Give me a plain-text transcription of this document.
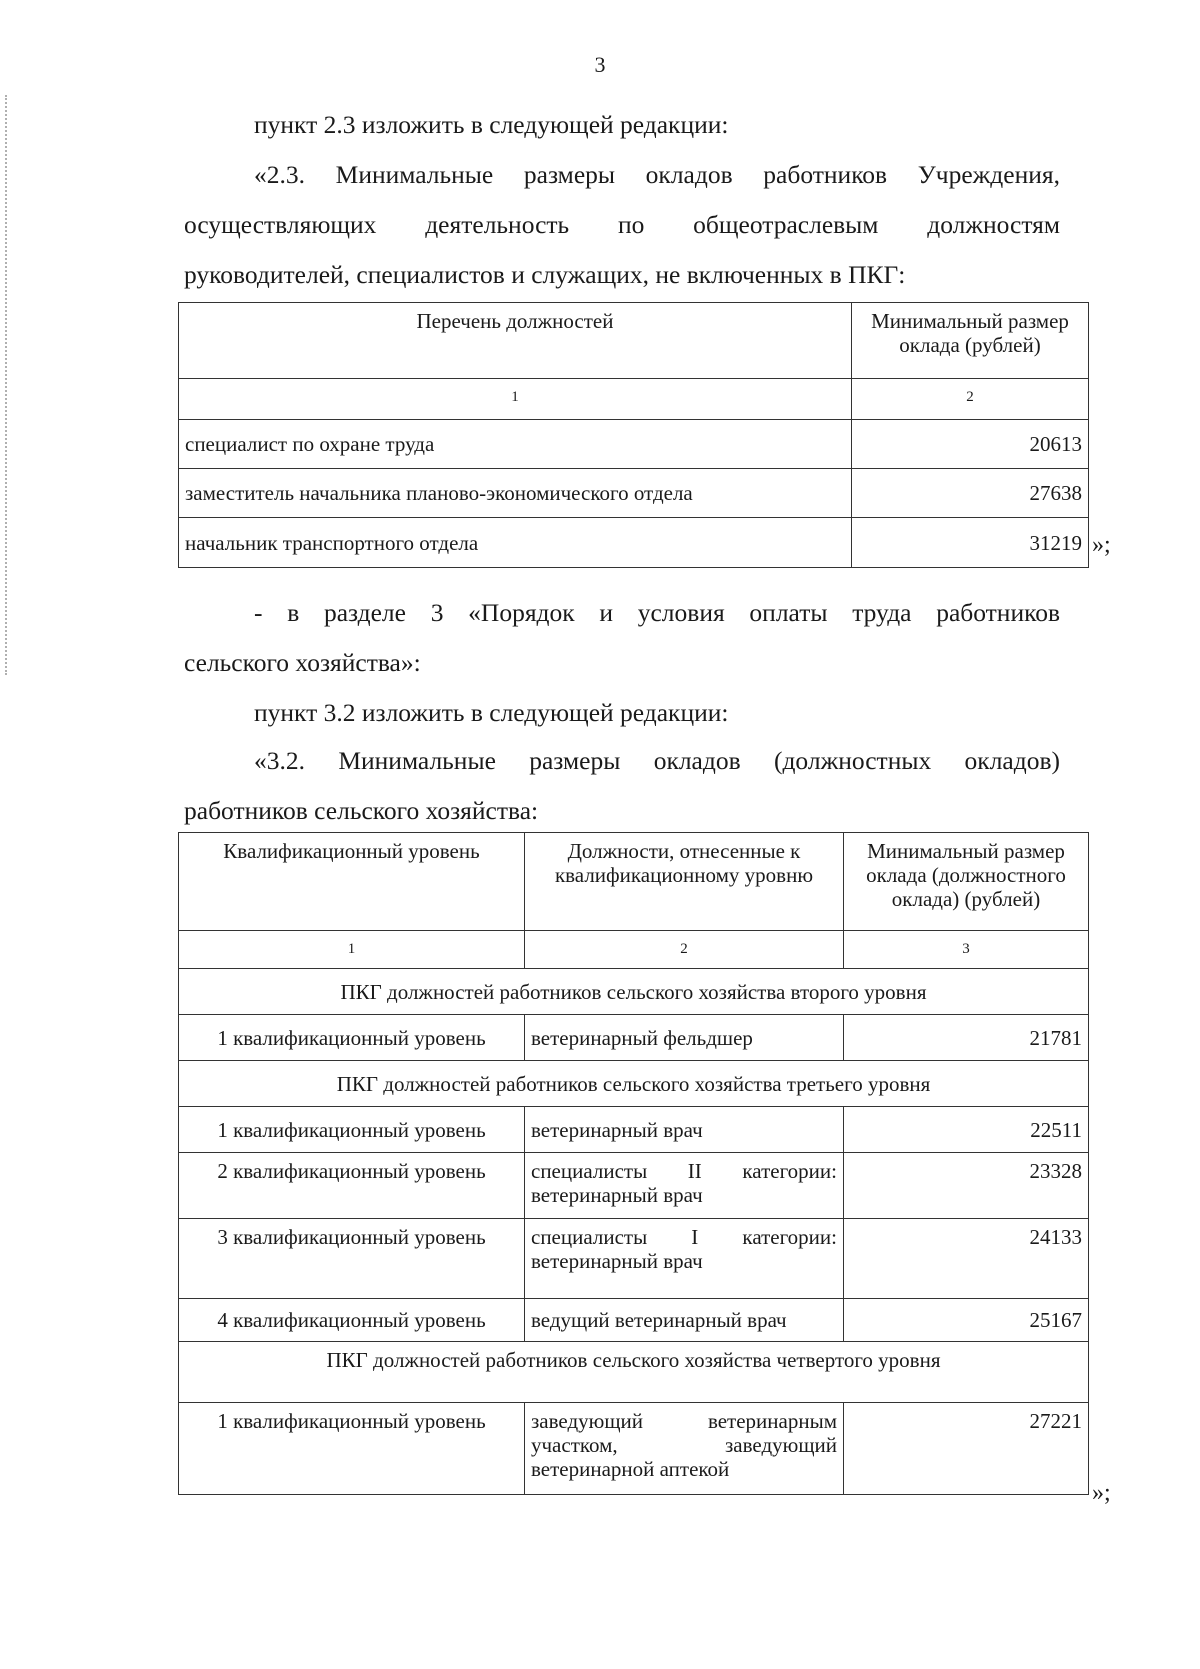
3

пункт 2.3 изложить в следующей редакции:

«2.3. Минимальные размеры окладов работников Учреждения,
осуществляющих деятельность по общеотраслевым должностям
руководителей, специалистов и служащих, не включенных в ПКГ:
Перечень должностей	Минимальный размер оклада (рублей)
1	2
специалист по охране труда	20613
заместитель начальника планово-экономического отдела	27638
начальник транспортного отдела	31219 »;
- в разделе 3 «Порядок и условия оплаты труда работников
сельского хозяйства»:

пункт 3.2 изложить в следующей редакции:

«3.2. Минимальные размеры окладов (должностных окладов)
работников сельского хозяйства:
Квалификационный уровень	Должности, отнесенные к квалификационному уровню	Минимальный размер оклада (должностного оклада) (рублей)
1	2	3
ПКГ должностей работников сельского хозяйства второго уровня		
1 квалификационный уровень	ветеринарный фельдшер	21781
ПКГ должностей работников сельского хозяйства третьего уровня		
1 квалификационный уровень	ветеринарный врач	22511
2 квалификационный уровень	специалисты II категории: ветеринарный врач	23328
3 квалификационный уровень	специалисты I категории: ветеринарный врач	24133
4 квалификационный уровень	ведущий ветеринарный врач	25167
ПКГ должностей работников сельского хозяйства четвертого уровня		
1 квалификационный уровень	заведующий ветеринарным участком, заведующий ветеринарной аптекой	27221
»;
